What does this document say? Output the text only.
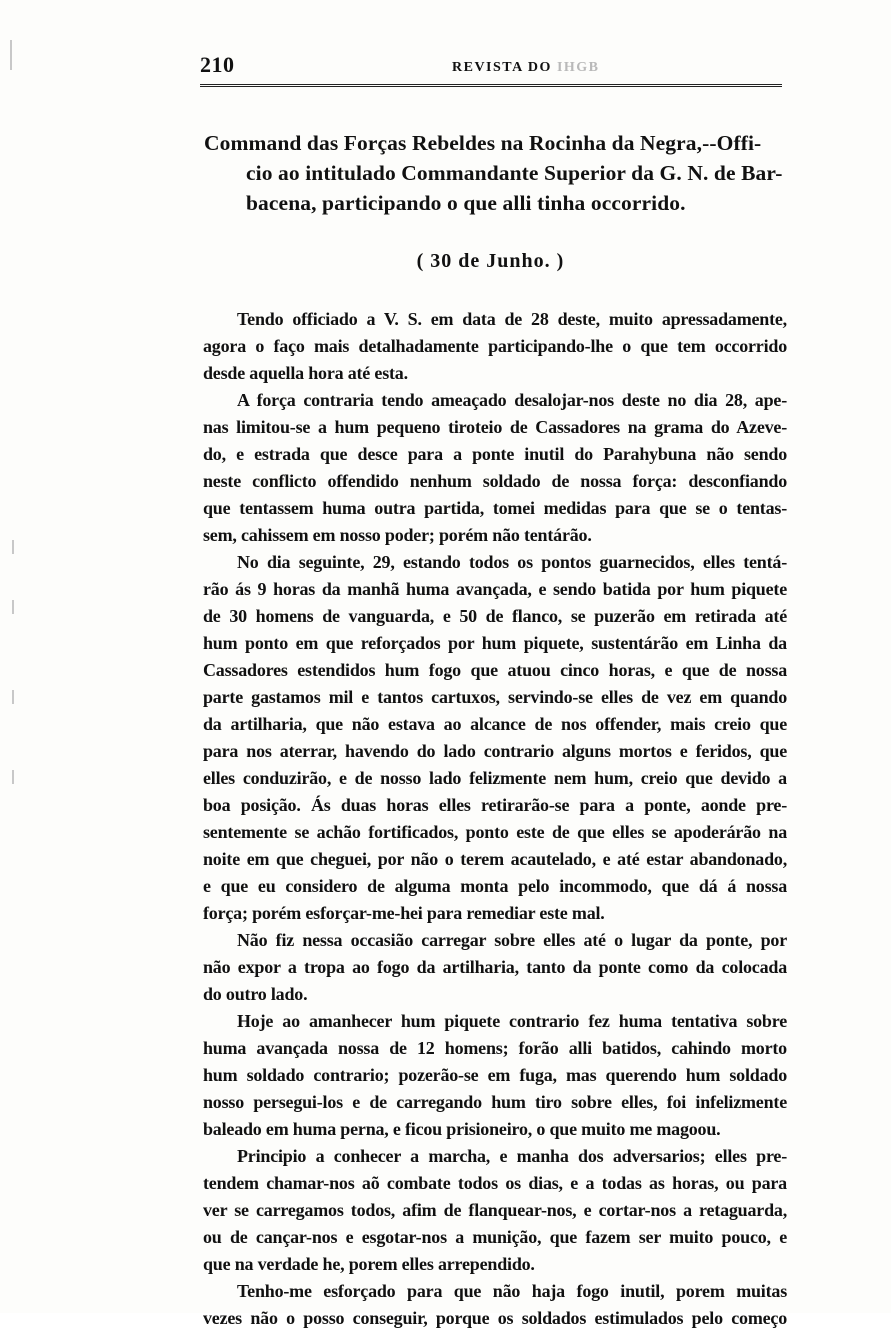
210	REVISTA DO IHGB
Command das Forças Rebeldes na Rocinha da Negra,--Offi-
cio ao intitulado Commandante Superior da G. N. de Bar-
bacena, participando o que alli tinha occorrido.
( 30 de Junho. )
Tendo officiado a V. S. em data de 28 deste, muito apressadamente,
agora o faço mais detalhadamente participando-lhe o que tem occorrido
desde aquella hora até esta.
A força contraria tendo ameaçado desalojar-nos deste no dia 28, ape-
nas limitou-se a hum pequeno tiroteio de Cassadores na grama do Azeve-
do, e estrada que desce para a ponte inutil do Parahybuna não sendo
neste conflicto offendido nenhum soldado de nossa força: desconfiando
que tentassem huma outra partida, tomei medidas para que se o tentas-
sem, cahissem em nosso poder; porém não tentárão.
No dia seguinte, 29, estando todos os pontos guarnecidos, elles tentá-
rão ás 9 horas da manhã huma avançada, e sendo batida por hum piquete
de 30 homens de vanguarda, e 50 de flanco, se puzerão em retirada até
hum ponto em que reforçados por hum piquete, sustentárão em Linha da
Cassadores estendidos hum fogo que atuou cinco horas, e que de nossa
parte gastamos mil e tantos cartuxos, servindo-se elles de vez em quando
da artilharia, que não estava ao alcance de nos offender, mais creio que
para nos aterrar, havendo do lado contrario alguns mortos e feridos, que
elles conduzirão, e de nosso lado felizmente nem hum, creio que devido a
boa posição. Ás duas horas elles retirarão-se para a ponte, aonde pre-
sentemente se achão fortificados, ponto este de que elles se apoderárão na
noite em que cheguei, por não o terem acautelado, e até estar abandonado,
e que eu considero de alguma monta pelo incommodo, que dá á nossa
força; porém esforçar-me-hei para remediar este mal.
Não fiz nessa occasião carregar sobre elles até o lugar da ponte, por
não expor a tropa ao fogo da artilharia, tanto da ponte como da colocada
do outro lado.
Hoje ao amanhecer hum piquete contrario fez huma tentativa sobre
huma avançada nossa de 12 homens; forão alli batidos, cahindo morto
hum soldado contrario; pozerão-se em fuga, mas querendo hum soldado
nosso persegui-los e de carregando hum tiro sobre elles, foi infelizmente
baleado em huma perna, e ficou prisioneiro, o que muito me magoou.
Principio a conhecer a marcha, e manha dos adversarios; elles pre-
tendem chamar-nos aõ combate todos os dias, e a todas as horas, ou para
ver se carregamos todos, afim de flanquear-nos, e cortar-nos a retaguarda,
ou de cançar-nos e esgotar-nos a munição, que fazem ser muito pouco, e
que na verdade he, porem elles arrependido.
Tenho-me esforçado para que não haja fogo inutil, porem muitas
vezes não o posso conseguir, porque os soldados estimulados pelo começo
